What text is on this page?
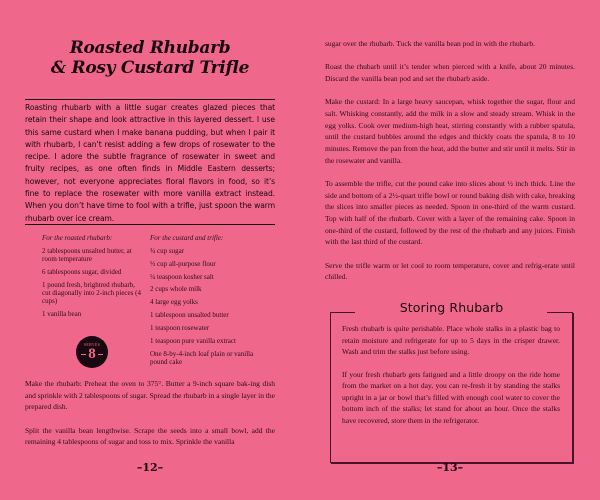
Roasted Rhubarb
& Rosy Custard Trifle
Roasting rhubarb with a little sugar creates glazed pieces that retain their shape and look attractive in this layered dessert. I use this same custard when I make banana pudding, but when I pair it with rhubarb, I can’t resist adding a few drops of rosewater to the recipe. I adore the subtle fragrance of rosewater in sweet and fruity recipes, as one often finds in Middle Eastern desserts; however, not everyone appreciates floral flavors in food, so it’s fine to replace the rosewater with more vanilla extract instead. When you don’t have time to fool with a trifle, just spoon the warm rhubarb over ice cream.
For the roasted rhubarb:
2 tablespoons unsalted butter, at room temperature
6 tablespoons sugar, divided
1 pound fresh, brightred rhubarb, cut diagonally into 2-inch pieces (4 cups)
1 vanilla bean
For the custard and trifle:
¾ cup sugar
⅓ cup all-purpose flour
¼ teaspoon kosher salt
2 cups whole milk
4 large egg yolks
1 tablespoon unsalted butter
1 teaspoon rosewater
1 teaspoon pure vanilla extract
One 8-by-4-inch loaf plain or vanilla pound cake
SERVES
8

Make the rhubarb: Preheat the oven to 375°. Butter a 9-inch square bak-ing dish and sprinkle with 2 tablespoons of sugar. Spread the rhubarb in a single layer in the prepared dish.

Split the vanilla bean lengthwise. Scrape the seeds into a small bowl, add the remaining 4 tablespoons of sugar and toss to mix. Sprinkle the vanilla

–12–

sugar over the rhubarb. Tuck the vanilla bean pod in with the rhubarb.

Roast the rhubarb until it’s tender when pierced with a knife, about 20 minutes. Discard the vanilla bean pod and set the rhubarb aside.

Make the custard: In a large heavy saucepan, whisk together the sugar, flour and salt. Whisking constantly, add the milk in a slow and steady stream. Whisk in the egg yolks. Cook over medium-high heat, stirring constantly with a rubber spatula, until the custard bubbles around the edges and thickly coats the spatula, 8 to 10 minutes. Remove the pan from the heat, add the butter and stir until it melts. Stir in the rosewater and vanilla.

To assemble the trifle, cut the pound cake into slices about ½ inch thick. Line the side and bottom of a 2½-quart trifle bowl or round baking dish with cake, breaking the slices into smaller pieces as needed. Spoon in one-third of the warm custard. Top with half of the rhubarb. Cover with a layer of the remaining cake. Spoon in one-third of the custard, followed by the rest of the rhubarb and any juices. Finish with the last third of the custard.

Serve the trifle warm or let cool to room temperature, cover and refrig-erate until chilled.

Storing Rhubarb

Fresh rhubarb is quite perishable. Place whole stalks in a plastic bag to retain moisture and refrigerate for up to 5 days in the crisper drawer. Wash and trim the stalks just before using.

If your fresh rhubarb gets fatigued and a little droopy on the ride home from the market on a hot day, you can re-fresh it by standing the stalks upright in a jar or bowl that’s filled with enough cool water to cover the bottom inch of the stalks; let stand for about an hour. Once the stalks have recovered, store them in the refrigerator.

–13–
